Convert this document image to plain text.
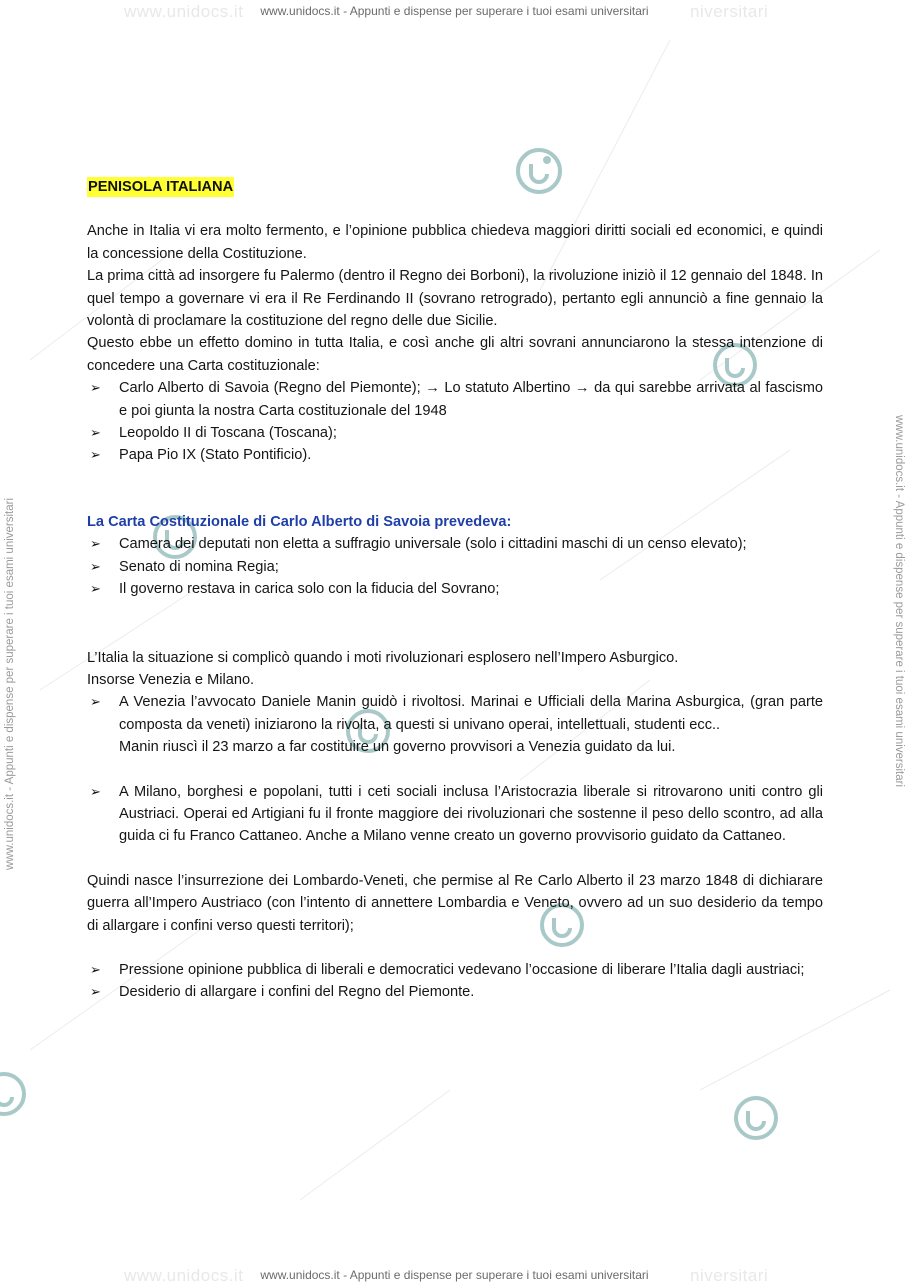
www.unidocs.it	niversitari
www.unidocs.it - Appunti e dispense per superare i tuoi esami universitari
www.unidocs.it	niversitari
www.unidocs.it - Appunti e dispense per superare i tuoi esami universitari
www.unidocs.it - Appunti e dispense per superare i tuoi esami universitari	www.unidocs.it - Appunti e dispense per superare i tuoi esami universitari
PENISOLA ITALIANA

Anche in Italia vi era molto fermento, e l’opinione pubblica chiedeva maggiori diritti sociali ed economici, e quindi la concessione della Costituzione.

La prima città ad insorgere fu Palermo (dentro il Regno dei Borboni), la rivoluzione iniziò il 12 gennaio del 1848. In quel tempo a governare vi era il Re Ferdinando II (sovrano retrogrado), pertanto egli annunciò a fine gennaio la volontà di proclamare la costituzione del regno delle due Sicilie.

Questo ebbe un effetto domino in tutta Italia, e così anche gli altri sovrani annunciarono la stessa intenzione di concedere una Carta costituzionale:

➢ Carlo Alberto di Savoia (Regno del Piemonte); → Lo statuto Albertino → da qui sarebbe arrivata al fascismo e poi giunta la nostra Carta costituzionale del 1948
➢ Leopoldo II di Toscana (Toscana);
➢ Papa Pio IX (Stato Pontificio).

La Carta Costituzionale di Carlo Alberto di Savoia prevedeva:

➢ Camera dei deputati non eletta a suffragio universale (solo i cittadini maschi di un censo elevato);
➢ Senato di nomina Regia;
➢ Il governo restava in carica solo con la fiducia del Sovrano;

L’Italia la situazione si complicò quando i moti rivoluzionari esplosero nell’Impero Asburgico.

Insorse Venezia e Milano.

➢ A Venezia l’avvocato Daniele Manin guidò i rivoltosi. Marinai e Ufficiali della Marina Asburgica, (gran parte composta da veneti) iniziarono la rivolta, a questi si univano operai, intellettuali, studenti ecc..
Manin riuscì il 23 marzo a far costituire un governo provvisori a Venezia guidato da lui.
➢ A Milano, borghesi e popolani, tutti i ceti sociali inclusa l’Aristocrazia liberale si ritrovarono uniti contro gli Austriaci. Operai ed Artigiani fu il fronte maggiore dei rivoluzionari che sostenne il peso dello scontro, ad alla guida ci fu Franco Cattaneo. Anche a Milano venne creato un governo provvisorio guidato da Cattaneo.

Quindi nasce l’insurrezione dei Lombardo-Veneti, che permise al Re Carlo Alberto il 23 marzo 1848 di dichiarare guerra all’Impero Austriaco (con l’intento di annettere Lombardia e Veneto, ovvero ad un suo desiderio da tempo di allargare i confini verso questi territori);

➢ Pressione opinione pubblica di liberali e democratici vedevano l’occasione di liberare l’Italia dagli austriaci;
➢ Desiderio di allargare i confini del Regno del Piemonte.
